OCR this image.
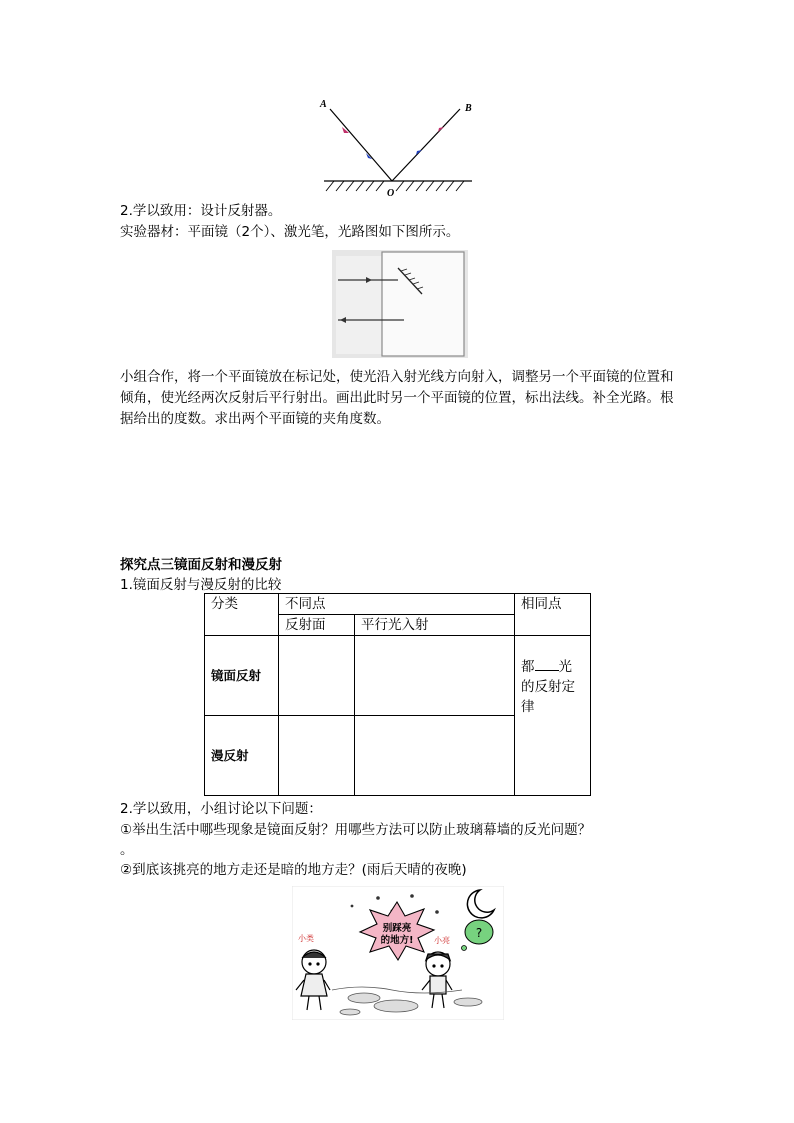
A	B
O
2.学以致用：设计反射器。
实验器材：平面镜（2个）、激光笔，光路图如下图所示。
小组合作，将一个平面镜放在标记处，使光沿入射光线方向射入，调整另一个平面镜的位置和倾角，使光经两次反射后平行射出。画出此时另一个平面镜的位置，标出法线。补全光路。根据给出的度数。求出两个平面镜的夹角度数。
探究点三镜面反射和漫反射
1.镜面反射与漫反射的比较
分类	不同点		相同点
	反射面	平行光入射	
镜面反射			都 光的反射定律
漫反射			
2.学以致用，小组讨论以下问题：
①举出生活中哪些现象是镜面反射？用哪些方法可以防止玻璃幕墙的反光问题？
。
②到底该挑亮的地方走还是暗的地方走？(雨后天晴的夜晚)
别踩亮
的地方!
小类	小亮
?
